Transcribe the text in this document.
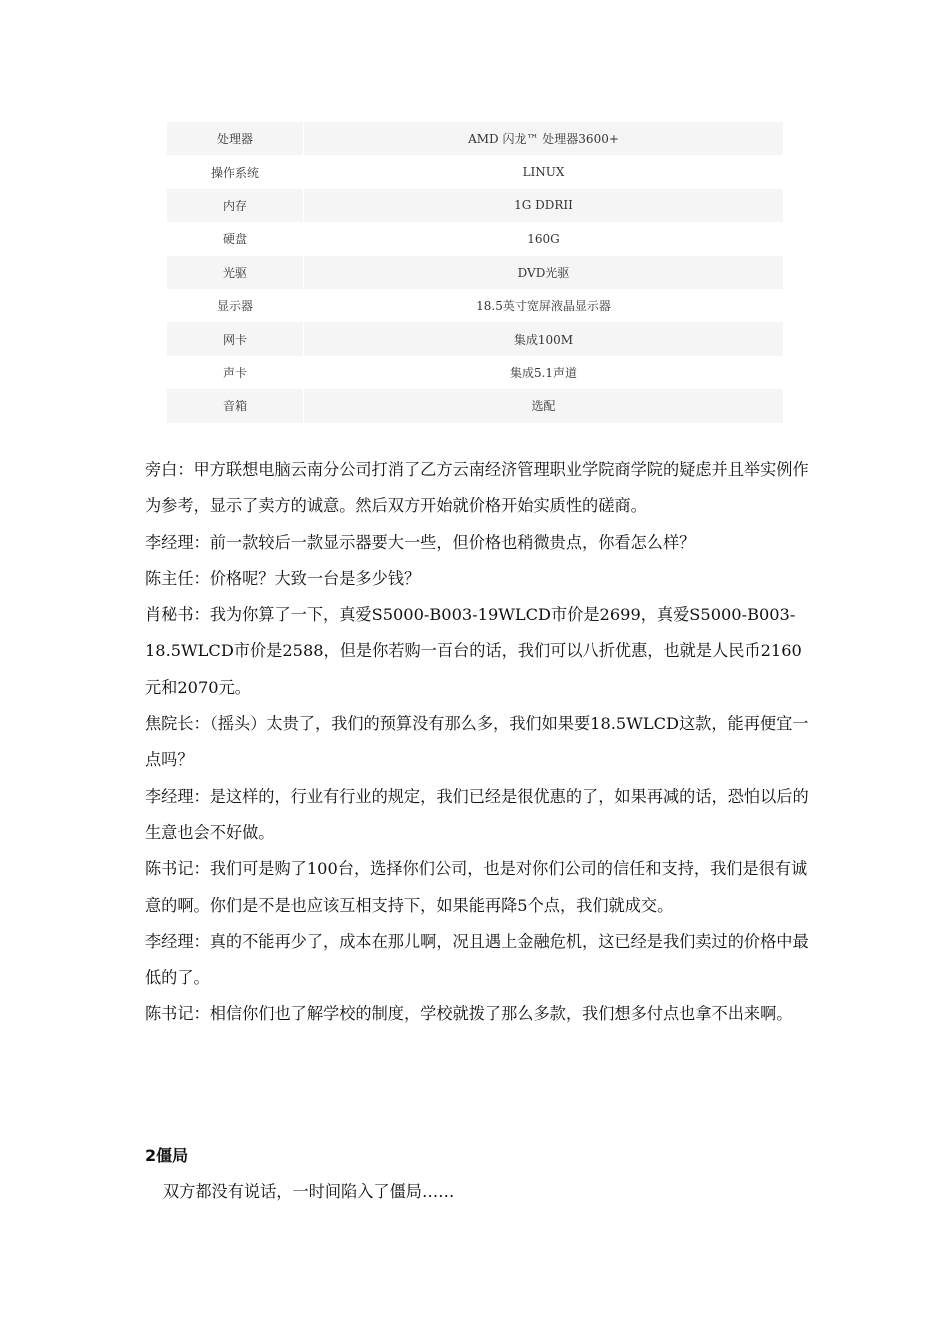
处理器	AMD 闪龙™ 处理器3600+
操作系统	LINUX
内存	1G DDRII
硬盘	160G
光驱	DVD光驱
显示器	18.5英寸宽屏液晶显示器
网卡	集成100M
声卡	集成5.1声道
音箱	选配

旁白：甲方联想电脑云南分公司打消了乙方云南经济管理职业学院商学院的疑虑并且举实例作为参考，显示了卖方的诚意。然后双方开始就价格开始实质性的磋商。

李经理：前一款较后一款显示器要大一些，但价格也稍微贵点，你看怎么样？

陈主任：价格呢？大致一台是多少钱？

肖秘书：我为你算了一下，真爱S5000-B003-19WLCD市价是2699，真爱S5000-B003-18.5WLCD市价是2588，但是你若购一百台的话，我们可以八折优惠，也就是人民币2160元和2070元。

焦院长：（摇头）太贵了，我们的预算没有那么多，我们如果要18.5WLCD这款，能再便宜一点吗？

李经理：是这样的，行业有行业的规定，我们已经是很优惠的了，如果再减的话，恐怕以后的生意也会不好做。

陈书记：我们可是购了100台，选择你们公司，也是对你们公司的信任和支持，我们是很有诚意的啊。你们是不是也应该互相支持下，如果能再降5个点，我们就成交。

李经理：真的不能再少了，成本在那儿啊，况且遇上金融危机，这已经是我们卖过的价格中最低的了。

陈书记：相信你们也了解学校的制度，学校就拨了那么多款，我们想多付点也拿不出来啊。

2僵局

双方都没有说话，一时间陷入了僵局……
